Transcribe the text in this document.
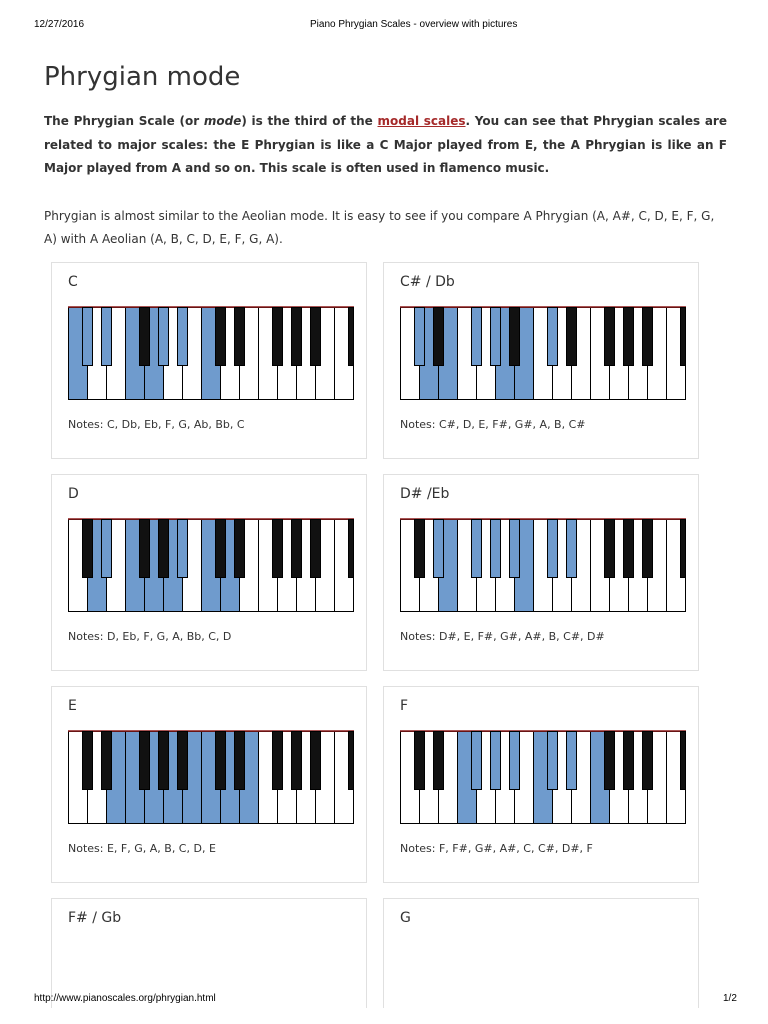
12/27/2016	Piano Phrygian Scales - overview with pictures
Phrygian mode

The Phrygian Scale (or mode) is the third of the modal scales. You can see that Phrygian scales are related to major scales: the E Phrygian is like a C Major played from E, the A Phrygian is like an F Major played from A and so on. This scale is often used in flamenco music.

Phrygian is almost similar to the Aeolian mode. It is easy to see if you compare A Phrygian (A, A#, C, D, E, F, G, A) with A Aeolian (A, B, C, D, E, F, G, A).

C
Notes: C, Db, Eb, F, G, Ab, Bb, C
C# / Db
Notes: C#, D, E, F#, G#, A, B, C#
D
Notes: D, Eb, F, G, A, Bb, C, D
D# /Eb
Notes: D#, E, F#, G#, A#, B, C#, D#
E
Notes: E, F, G, A, B, C, D, E
F
Notes: F, F#, G#, A#, C, C#, D#, F
F# / Gb	G
http://www.pianoscales.org/phrygian.html	1/2
